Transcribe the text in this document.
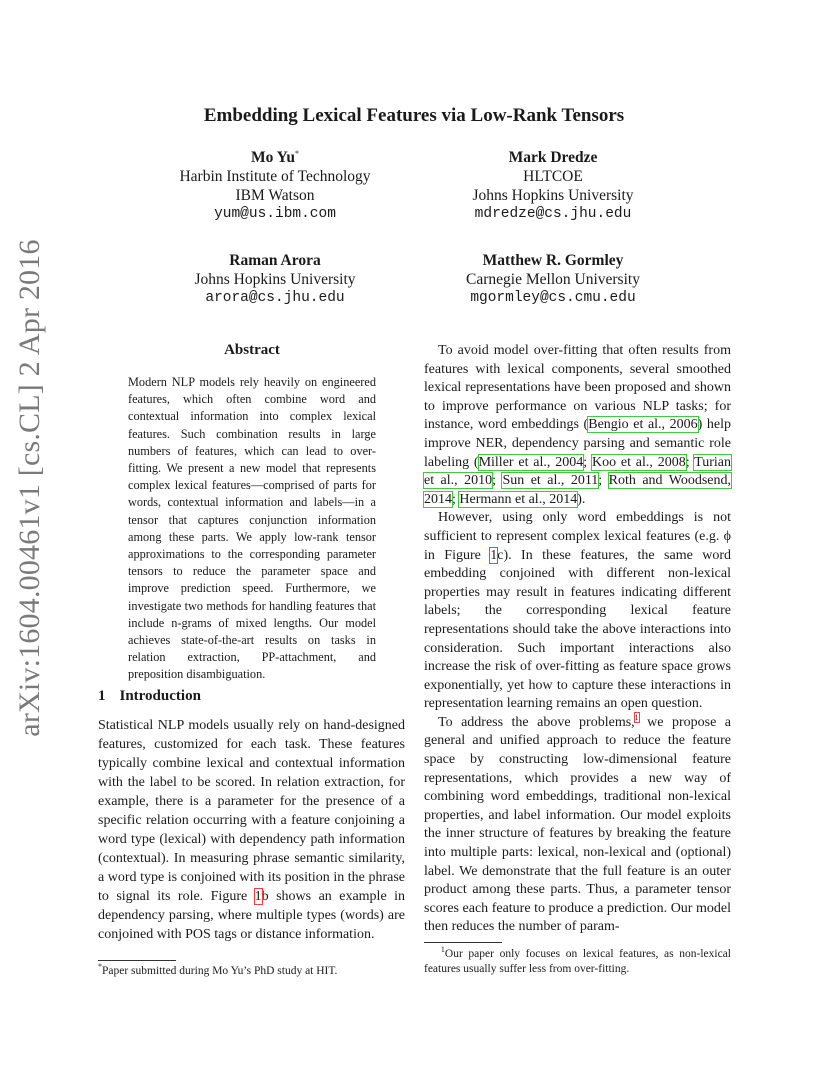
arXiv:1604.00461v1 [cs.CL] 2 Apr 2016
Embedding Lexical Features via Low-Rank Tensors
Mo Yu*
Harbin Institute of Technology
IBM Watson
yum@us.ibm.com
Mark Dredze
HLTCOE
Johns Hopkins University
mdredze@cs.jhu.edu
Raman Arora
Johns Hopkins University
arora@cs.jhu.edu
Matthew R. Gormley
Carnegie Mellon University
mgormley@cs.cmu.edu
Abstract
Modern NLP models rely heavily on engineered features, which often combine word and contextual information into complex lexical features. Such combination results in large numbers of features, which can lead to over-fitting. We present a new model that represents complex lexical features—comprised of parts for words, contextual information and labels—in a tensor that captures conjunction information among these parts. We apply low-rank tensor approximations to the corresponding parameter tensors to reduce the parameter space and improve prediction speed. Furthermore, we investigate two methods for handling features that include n-grams of mixed lengths. Our model achieves state-of-the-art results on tasks in relation extraction, PP-attachment, and preposition disambiguation.
1 Introduction
Statistical NLP models usually rely on hand-designed features, customized for each task. These features typically combine lexical and contextual information with the label to be scored. In relation extraction, for example, there is a parameter for the presence of a specific relation occurring with a feature conjoining a word type (lexical) with dependency path information (contextual). In measuring phrase semantic similarity, a word type is conjoined with its position in the phrase to signal its role. Figure 1b shows an example in dependency parsing, where multiple types (words) are conjoined with POS tags or distance information.

To avoid model over-fitting that often results from features with lexical components, several smoothed lexical representations have been proposed and shown to improve performance on various NLP tasks; for instance, word embeddings (Bengio et al., 2006) help improve NER, dependency parsing and semantic role labeling (Miller et al., 2004; Koo et al., 2008; Turian et al., 2010; Sun et al., 2011; Roth and Woodsend, 2014; Hermann et al., 2014).

However, using only word embeddings is not sufficient to represent complex lexical features (e.g. ϕ in Figure 1c). In these features, the same word embedding conjoined with different non-lexical properties may result in features indicating different labels; the corresponding lexical feature representations should take the above interactions into consideration. Such important interactions also increase the risk of over-fitting as feature space grows exponentially, yet how to capture these interactions in representation learning remains an open question.

To address the above problems,$^1$ we propose a general and unified approach to reduce the feature space by constructing low-dimensional feature representations, which provides a new way of combining word embeddings, traditional non-lexical properties, and label information. Our model exploits the inner structure of features by breaking the feature into multiple parts: lexical, non-lexical and (optional) label. We demonstrate that the full feature is an outer product among these parts. Thus, a parameter tensor scores each feature to produce a prediction. Our model then reduces the number of param-

*Paper submitted during Mo Yu’s PhD study at HIT.
$^1$Our paper only focuses on lexical features, as non-lexical features usually suffer less from over-fitting.
